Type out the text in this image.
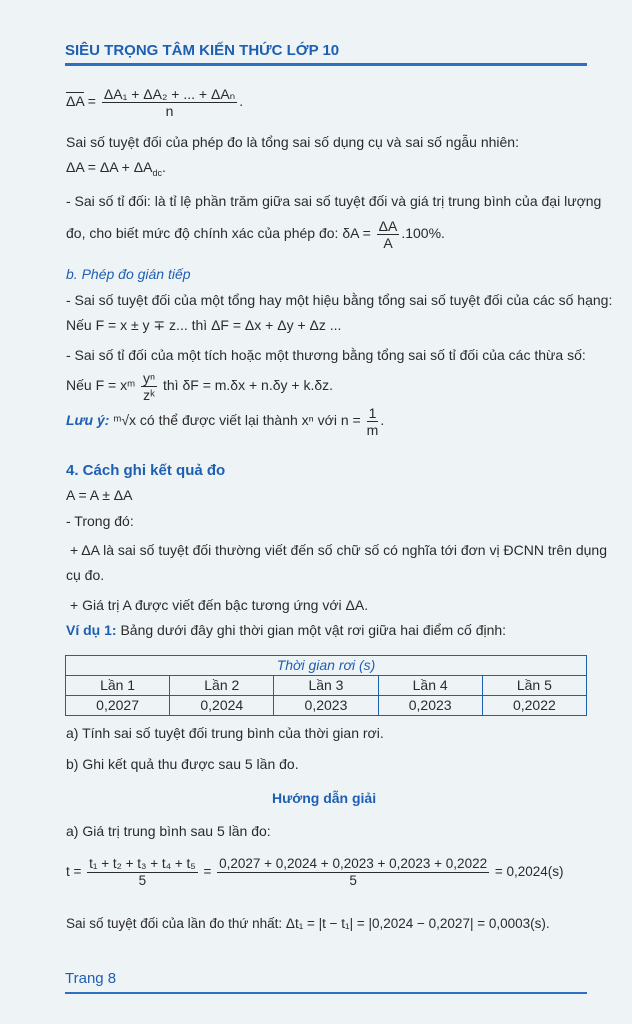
SIÊU TRỌNG TÂM KIẾN THỨC LỚP 10
$\overline{\Delta A} = \frac{\text{ΔA₁ + ΔA₂ + ... + ΔAₙ}}{n}$ .
Sai số tuyệt đối của phép đo là tổng sai số dụng cụ và sai số ngẫu nhiên:
$\Delta A = \Delta A + \Delta A_{dc}$.
- Sai số tỉ đối: là tỉ lệ phần trăm giữa sai số tuyệt đối và giá trị trung bình của đại lượng
đo, cho biết mức độ chính xác của phép đo: $\delta A = \frac{\Delta A}{A} .100\%$.
b. Phép đo gián tiếp
- Sai số tuyệt đối của một tổng hay một hiệu bằng tổng sai số tuyệt đối của các số hạng:
Nếu F = x ± y ∓ z... thì ΔF = Δx + Δy + Δz ...
- Sai số tỉ đối của một tích hoặc một thương bằng tổng sai số tỉ đối của các thừa số:
Nếu F = xᵐ $\frac{\text{yⁿ}}{\text{zᵏ}}$ thì δF = m.δx + n.δy + k.δz.
Lưu ý: ᵐ√x có thể được viết lại thành xⁿ với $n = \frac{1}{m}$ .
4. Cách ghi kết quả đo
A = A ± ΔA
- Trong đó:
+ ΔA là sai số tuyệt đối thường viết đến số chữ số có nghĩa tới đơn vị ĐCNN trên dụng
cụ đo.
+ Giá trị A được viết đến bậc tương ứng với ΔA.
Ví dụ 1: Bảng dưới đây ghi thời gian một vật rơi giữa hai điểm cố định:
Thời gian rơi (s)				
Lần 1	Lần 2	Lần 3	Lần 4	Lần 5
0,2027	0,2024	0,2023	0,2023	0,2022
a) Tính sai số tuyệt đối trung bình của thời gian rơi.
b) Ghi kết quả thu được sau 5 lần đo.
Hướng dẫn giải
a) Giá trị trung bình sau 5 lần đo:
$t = \frac{\text{t₁ + t₂ + t₃ + t₄ + t₅}}{5} = \frac{0,2027 + 0,2024 + 0,2023 + 0,2023 + 0,2022}{5} = 0,2024(s)$
Sai số tuyệt đối của lần đo thứ nhất: Δt₁ = |t − t₁| = |0,2024 − 0,2027| = 0,0003(s).
Trang 8
